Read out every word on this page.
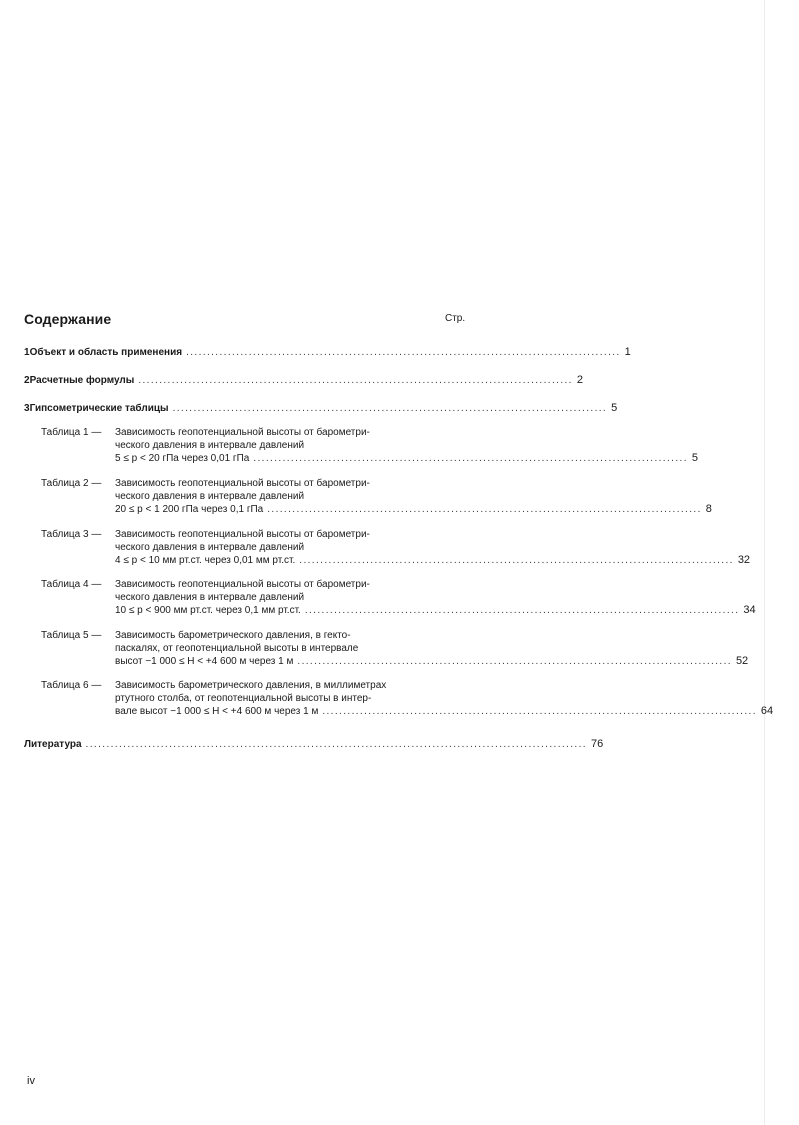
Содержание	Стр.
1 Объект и область применения ........................................................................................................ 1
2 Расчетные формулы ........................................................................................................ 2
3 Гипсометрические таблицы ........................................................................................................ 5
Таблица 1 —	Зависимость геопотенциальной высоты от барометри-
ческого давления в интервале давлений
5 ≤ p < 20 гПа через 0,01 гПа ........................................................................................................ 5
Таблица 2 —	Зависимость геопотенциальной высоты от барометри-
ческого давления в интервале давлений
20 ≤ p < 1 200 гПа через 0,1 гПа ........................................................................................................ 8
Таблица 3 —	Зависимость геопотенциальной высоты от барометри-
ческого давления в интервале давлений
4 ≤ p < 10 мм рт.ст. через 0,01 мм рт.ст. ........................................................................................................ 32
Таблица 4 —	Зависимость геопотенциальной высоты от барометри-
ческого давления в интервале давлений
10 ≤ p < 900 мм рт.ст. через 0,1 мм рт.ст. ........................................................................................................ 34
Таблица 5 —	Зависимость барометрического давления, в гекто-
паскалях, от геопотенциальной высоты в интервале
высот −1 000 ≤ H < +4 600 м через 1 м ........................................................................................................ 52
Таблица 6 —	Зависимость барометрического давления, в миллиметрах
ртутного столба, от геопотенциальной высоты в интер-
вале высот −1 000 ≤ H < +4 600 м через 1 м ........................................................................................................ 64
Литература ........................................................................................................................ 76
iv
